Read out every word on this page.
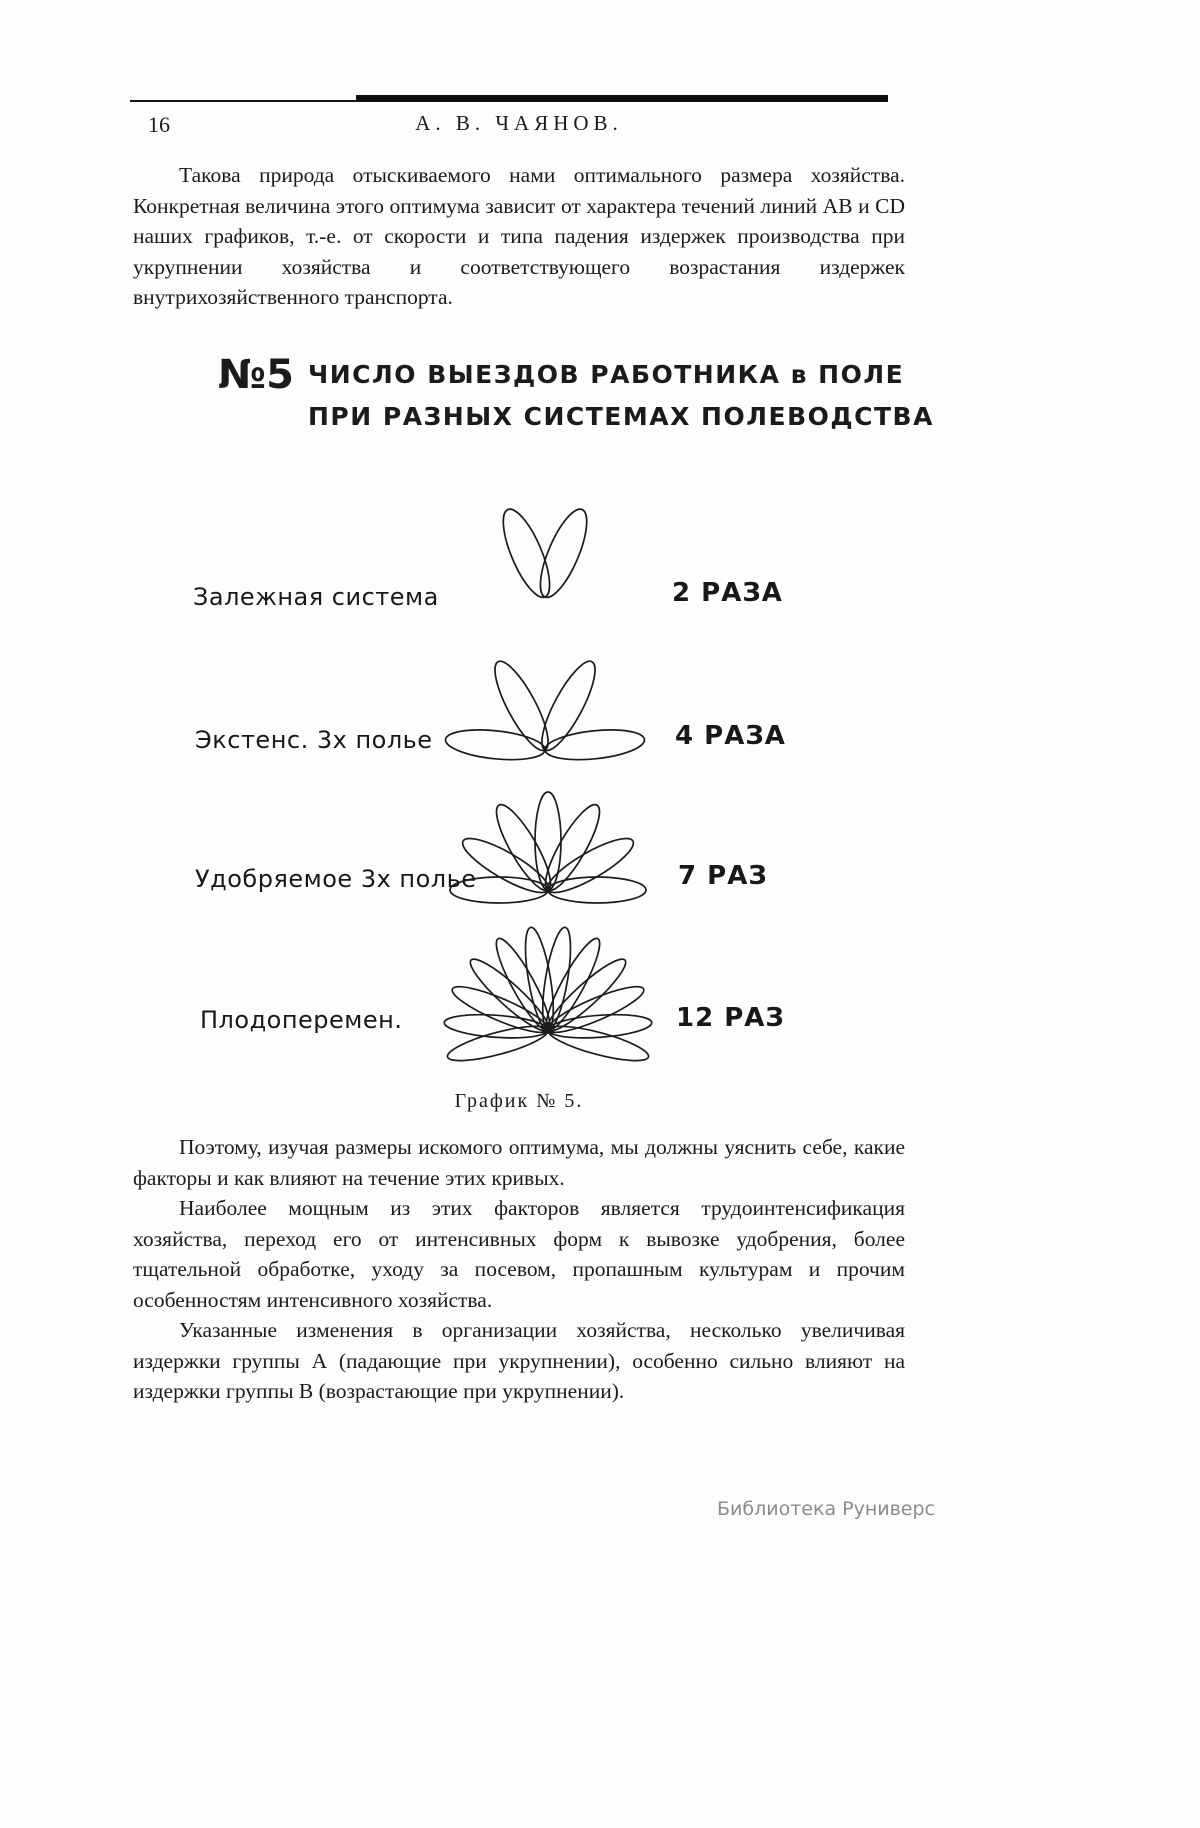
16	А. В. ЧАЯНОВ.

Такова природа отыскиваемого нами оптимального размера хозяйства. Конкретная величина этого оптимума зависит от характера течений линий АВ и CD наших графиков, т.-е. от скорости и типа падения издержек производства при укрупнении хозяйства и соответствующего возрастания издержек внутрихозяйственного транспорта.

№5 ЧИСЛО ВЫЕЗДОВ РАБОТНИКА в ПОЛЕ
ПРИ РАЗНЫХ СИСТЕМАХ ПОЛЕВОДСТВА
Залежная система
Экстенс. 3х полье
Удобряемое 3х полье
Плодоперемен.
2 РАЗА
4 РАЗА
7 РАЗ
12 РАЗ
График № 5.

Поэтому, изучая размеры искомого оптимума, мы должны уяснить себе, какие факторы и как влияют на течение этих кривых.

Наиболее мощным из этих факторов является трудоинтенсификация хозяйства, переход его от интенсивных форм к вывозке удобрения, более тщательной обработке, уходу за посевом, пропашным культурам и прочим особенностям интенсивного хозяйства.

Указанные изменения в организации хозяйства, несколько увеличивая издержки группы А (падающие при укрупнении), особенно сильно влияют на издержки группы В (возрастающие при укрупнении).

Библиотека Руниверс
